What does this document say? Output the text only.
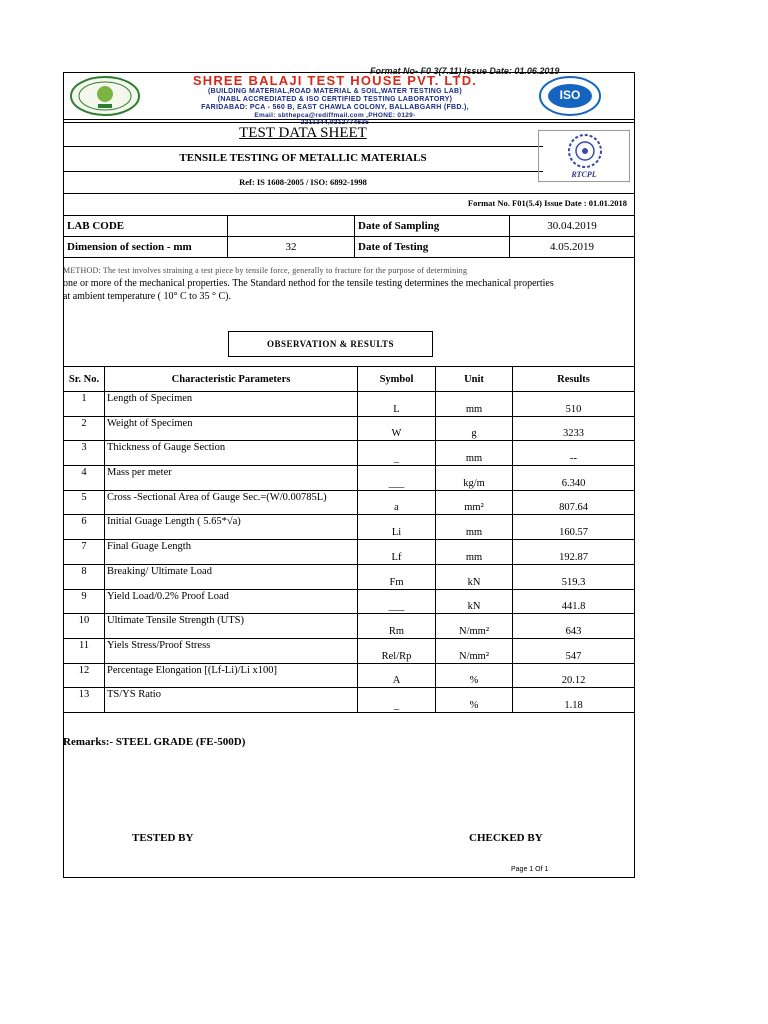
Format No- F0 3(7.11) Issue Date: 01.06.2019
SHREE BALAJI TEST HOUSE PVT. LTD.
(BUILDING MATERIAL,ROAD MATERIAL & SOIL,WATER TESTING LAB)
(NABL ACCREDIATED & ISO CERTIFIED TESTING LABORATORY)
FARIDABAD: PCA - 560 B, EAST CHAWLA COLONY, BALLABGARH (FBD.),
Email: sbthepca@rediffmail.com ,PHONE: 0129-
2211344,9212774635
ISO
TEST DATA SHEET
TENSILE TESTING OF METALLIC MATERIALS
Ref: IS 1608-2005 / ISO: 6892-1998
RTCPL
Format No. F01(5.4) Issue Date : 01.01.2018
LAB CODE		Date of Sampling	30.04.2019
Dimension of section - mm	32	Date of Testing	4.05.2019
METHOD: The test involves straining a test piece by tensile force, generally to fracture for the purpose of determining
one or more of the mechanical properties. The Standard nethod for the tensile testing determines the mechanical properties
at ambient temperature ( 10° C to 35 ° C).
OBSERVATION & RESULTS
Sr. No.	Characteristic Parameters	Symbol	Unit	Results
1	Length of Specimen	L	mm	510
2	Weight of Specimen	W	g	3233
3	Thickness of Gauge Section	_	mm	--
4	Mass per meter	___	kg/m	6.340
5	Cross -Sectional Area of Gauge Sec.=(W/0.00785L)	a	mm²	807.64
6	Initial Guage Length ( 5.65*√a)	Li	mm	160.57
7	Final Guage Length	Lf	mm	192.87
8	Breaking/ Ultimate Load	Fm	kN	519.3
9	Yield Load/0.2% Proof Load	___	kN	441.8
10	Ultimate Tensile Strength (UTS)	Rm	N/mm²	643
11	Yiels Stress/Proof Stress	Rel/Rp	N/mm²	547
12	Percentage Elongation [(Lf-Li)/Li x100]	A	%	20.12
13	TS/YS Ratio	_	%	1.18
Remarks:- STEEL GRADE (FE-500D)
TESTED BY	CHECKED BY
Page 1 Of 1
